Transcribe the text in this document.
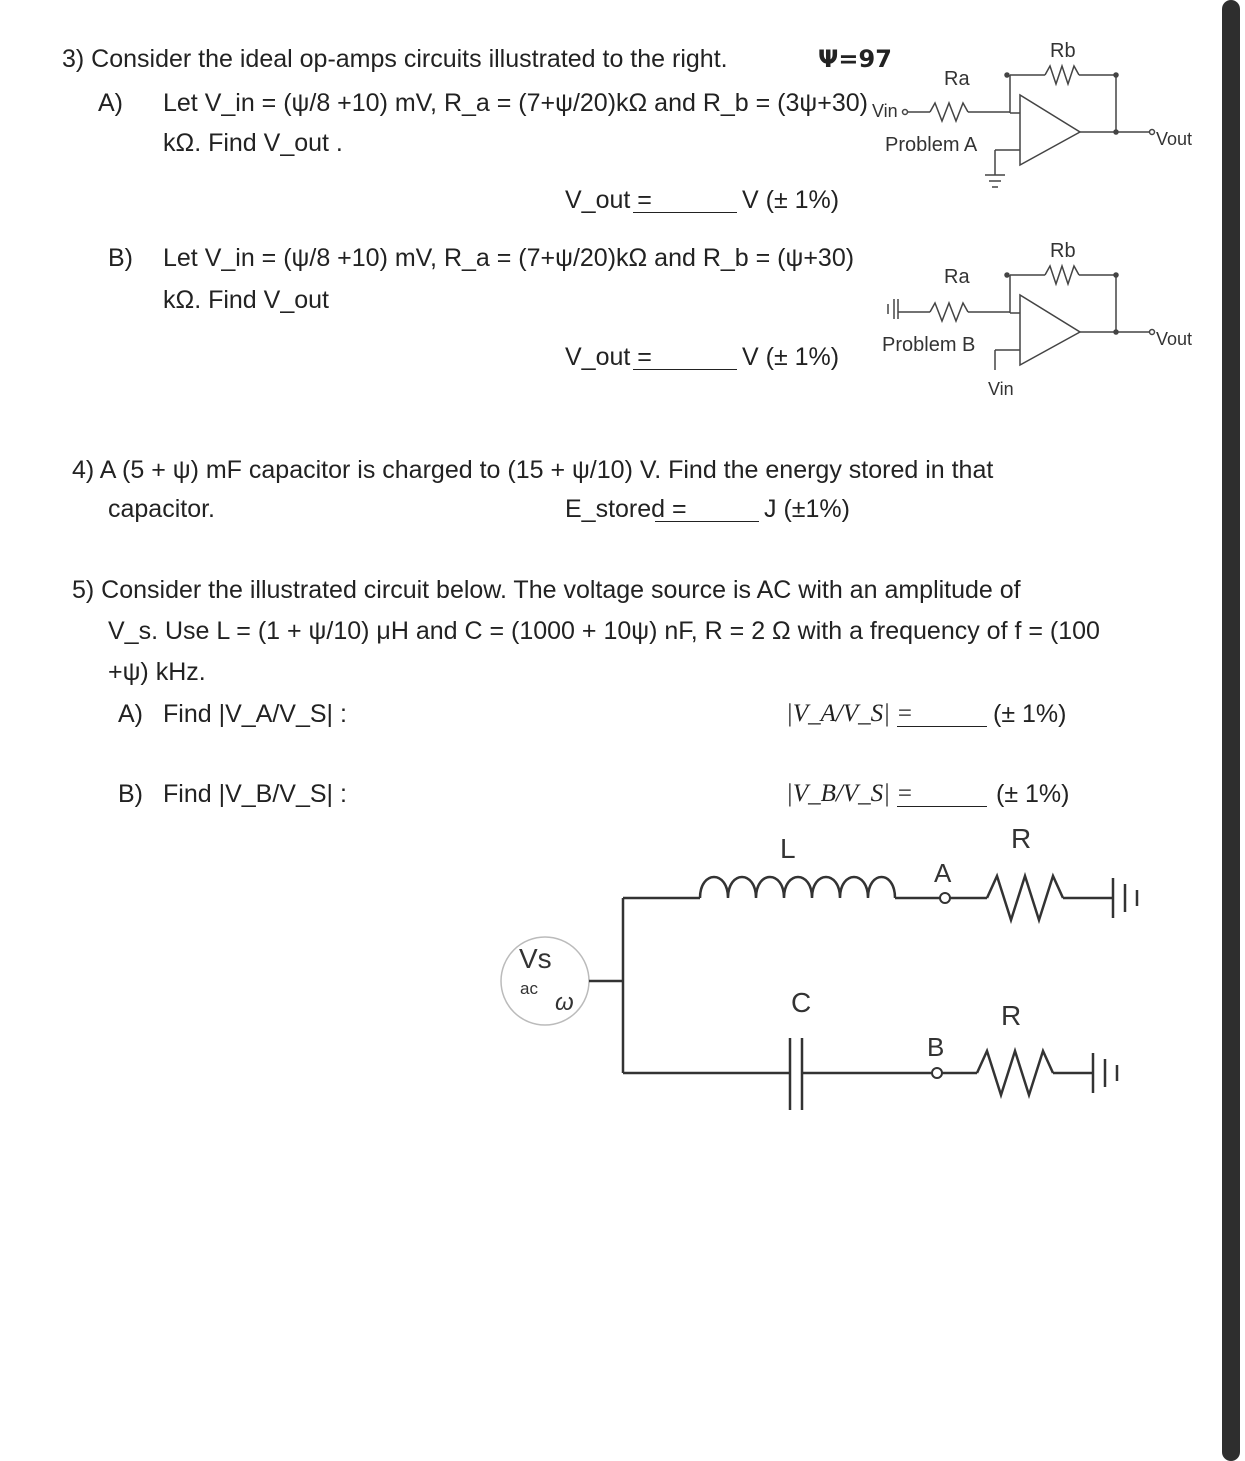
3) Consider the ideal op-amps circuits illustrated to the right.	Ψ=97
A) Let V_in = (ψ/8 +10) mV, R_a = (7+ψ/20)kΩ and R_b = (3ψ+30)
kΩ. Find V_out .
V_out =	V (± 1%)
B) Let V_in = (ψ/8 +10) mV, R_a = (7+ψ/20)kΩ and R_b = (ψ+30)
kΩ. Find V_out
V_out =	V (± 1%)
Ra
Rb
Vin
Vout
Problem A
Ra
Rb
Problem B	Vout
Vin
4) A (5 + ψ) mF capacitor is charged to (15 + ψ/10) V. Find the energy stored in that
capacitor.	E_stored =	J (±1%)
5) Consider the illustrated circuit below. The voltage source is AC with an amplitude of
V_s. Use L = (1 + ψ/10) μH and C = (1000 + 10ψ) nF, R = 2 Ω with a frequency of f = (100
+ψ) kHz.
A) Find |V_A/V_S| :	|V_A/V_S| =	(± 1%)
B) Find |V_B/V_S| :	|V_B/V_S| =	(± 1%)
L
C
R
R
A
B
Vs
ac
ω
